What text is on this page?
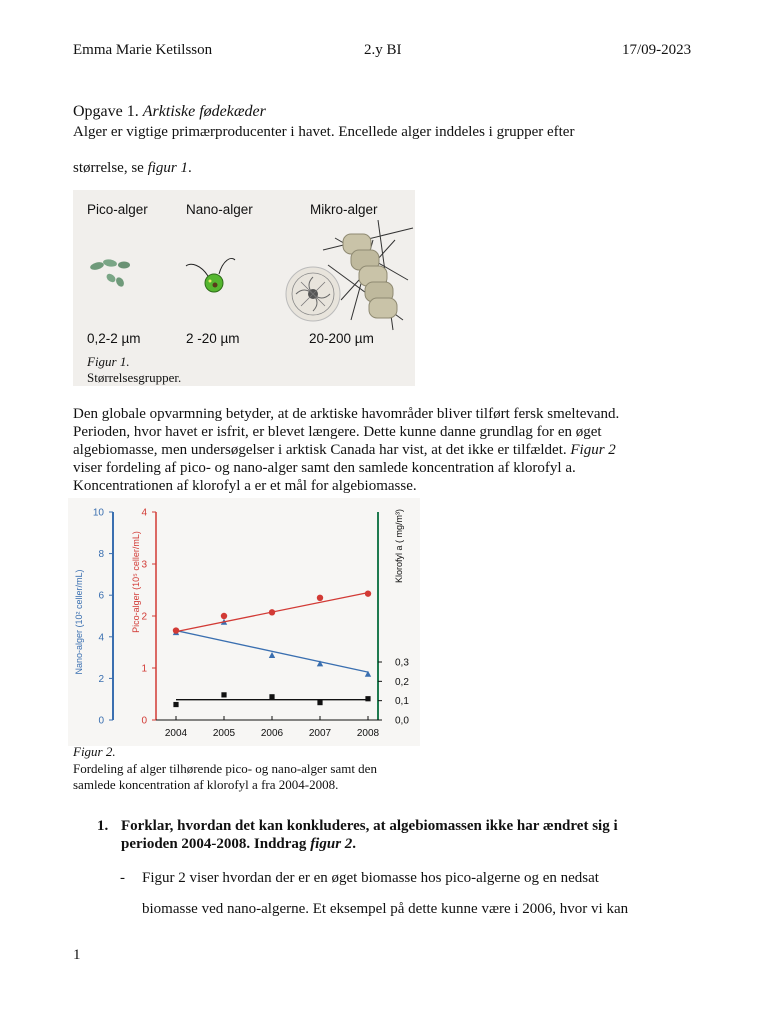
Emma Marie Ketilsson	2.y BI	17/09-2023
Opgave 1. Arktiske fødekæder
Alger er vigtige primærproducenter i havet. Encellede alger inddeles i grupper efter
størrelse, se figur 1.
Pico-alger	Nano-alger	Mikro-alger
0,2-2 µm	2 -20 µm	20-200 µm
Figur 1.
Størrelsesgrupper.
Den globale opvarmning betyder, at de arktiske havområder bliver tilført fersk smeltevand.
Perioden, hvor havet er isfrit, er blevet længere. Dette kunne danne grundlag for en øget
algebiomasse, men undersøgelser i arktisk Canada har vist, at det ikke er tilfældet. Figur 2
viser fordeling af pico- og nano-alger samt den samlede koncentration af klorofyl a.
Koncentrationen af klorofyl a er et mål for algebiomasse.
Nano-alger (10² celler/mL)	Pico-alger (10⁵ celler/mL)	Klorofyl a ( mg/m³)
2004	2005	2006	2007	2008
0
2
4
6
8
10
0
1
2
3
4
0,0
0,1
0,2
0,3
Figur 2.
Fordeling af alger tilhørende pico- og nano-alger samt den
samlede koncentration af klorofyl a fra 2004-2008.
1. Forklar, hvordan det kan konkluderes, at algebiomassen ikke har ændret sig i
perioden 2004-2008. Inddrag figur 2.
- Figur 2 viser hvordan der er en øget biomasse hos pico-algerne og en nedsat
biomasse ved nano-algerne. Et eksempel på dette kunne være i 2006, hvor vi kan
1
